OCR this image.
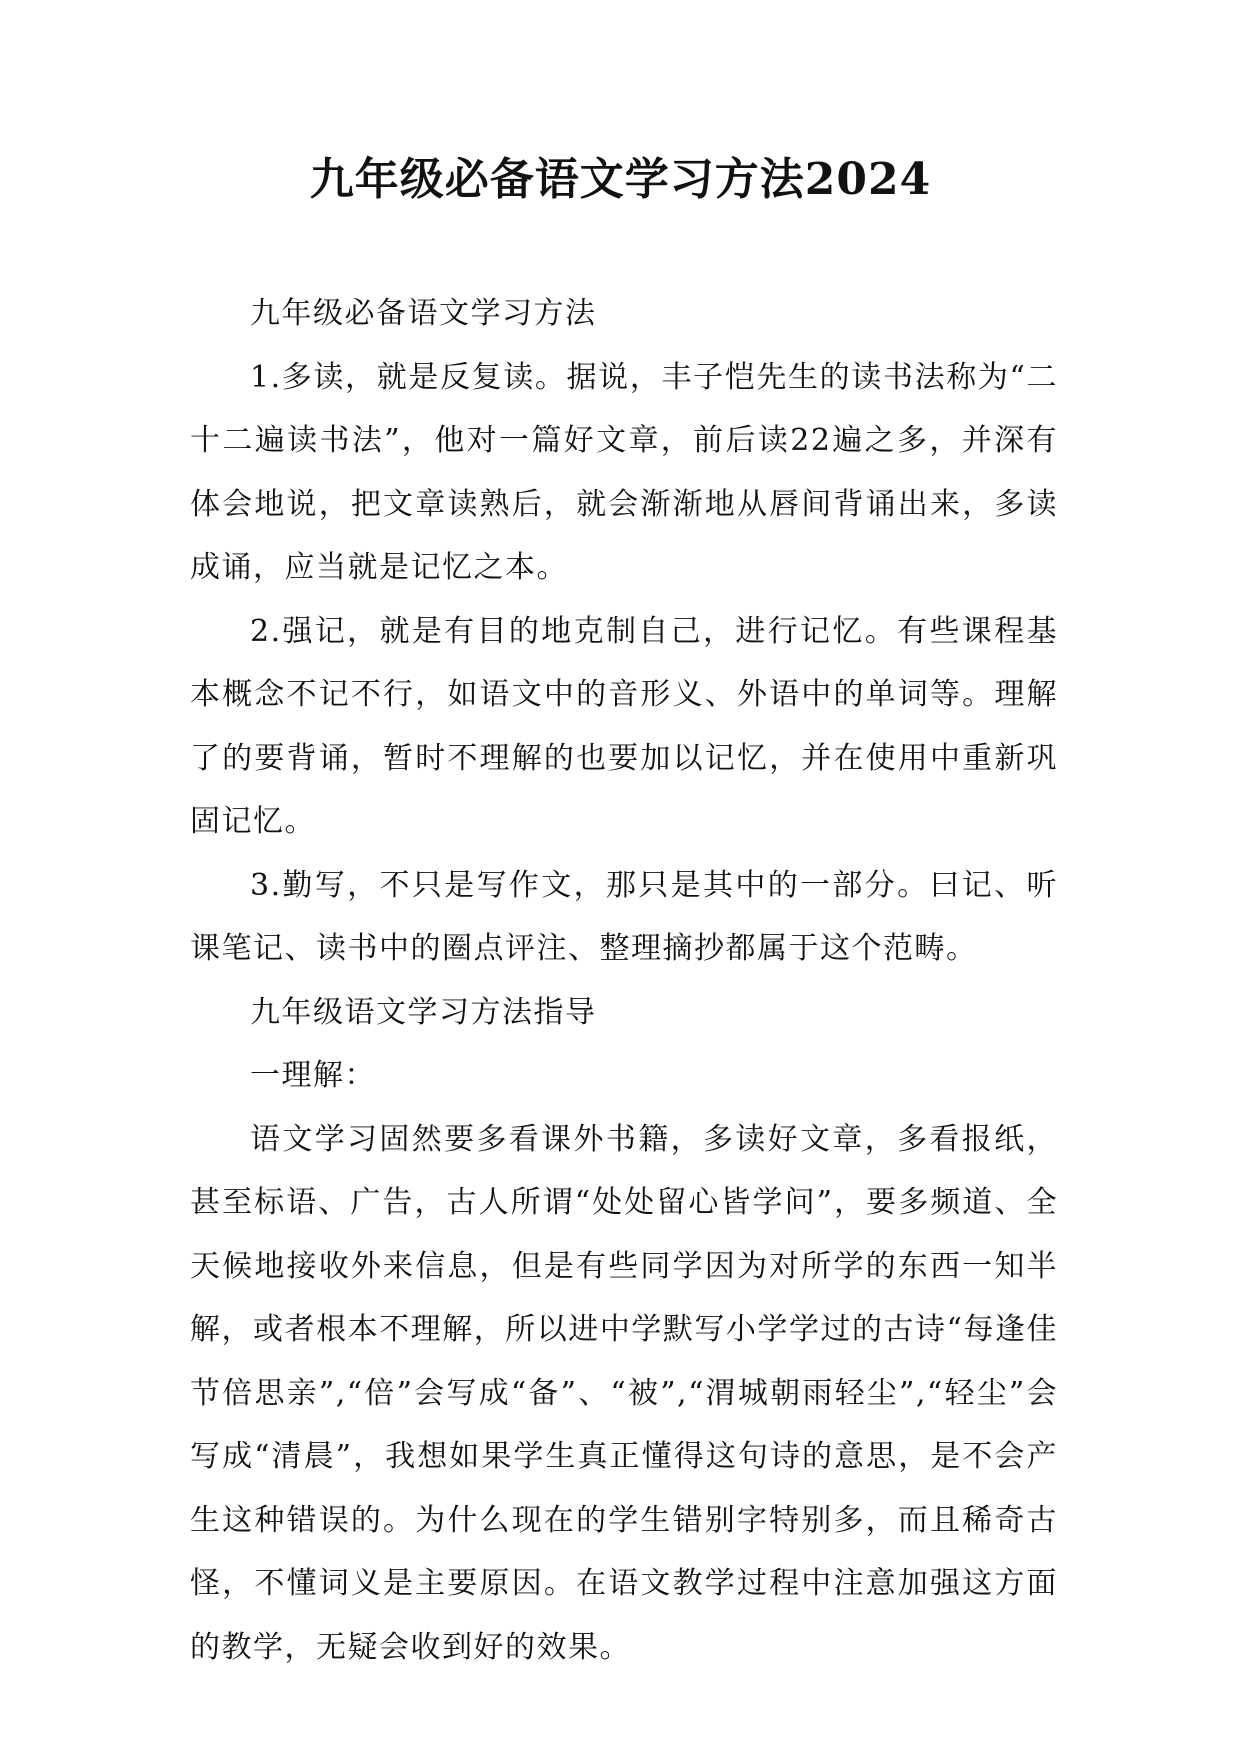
九年级必备语文学习方法2024

九年级必备语文学习方法

1.多读，就是反复读。据说，丰子恺先生的读书法称为“二十二遍读书法”，他对一篇好文章，前后读22遍之多，并深有体会地说，把文章读熟后，就会渐渐地从唇间背诵出来，多读成诵，应当就是记忆之本。

2.强记，就是有目的地克制自己，进行记忆。有些课程基本概念不记不行，如语文中的音形义、外语中的单词等。理解了的要背诵，暂时不理解的也要加以记忆，并在使用中重新巩固记忆。

3.勤写，不只是写作文，那只是其中的一部分。曰记、听课笔记、读书中的圈点评注、整理摘抄都属于这个范畴。

九年级语文学习方法指导

一理解：

语文学习固然要多看课外书籍，多读好文章，多看报纸，甚至标语、广告，古人所谓“处处留心皆学问”，要多频道、全天候地接收外来信息，但是有些同学因为对所学的东西一知半解，或者根本不理解，所以进中学默写小学学过的古诗“每逢佳节倍思亲”,“倍”会写成“备”、“被”,“渭城朝雨轻尘”,“轻尘”会写成“清晨”，我想如果学生真正懂得这句诗的意思，是不会产生这种错误的。为什么现在的学生错别字特别多，而且稀奇古怪，不懂词义是主要原因。在语文教学过程中注意加强这方面的教学，无疑会收到好的效果。
